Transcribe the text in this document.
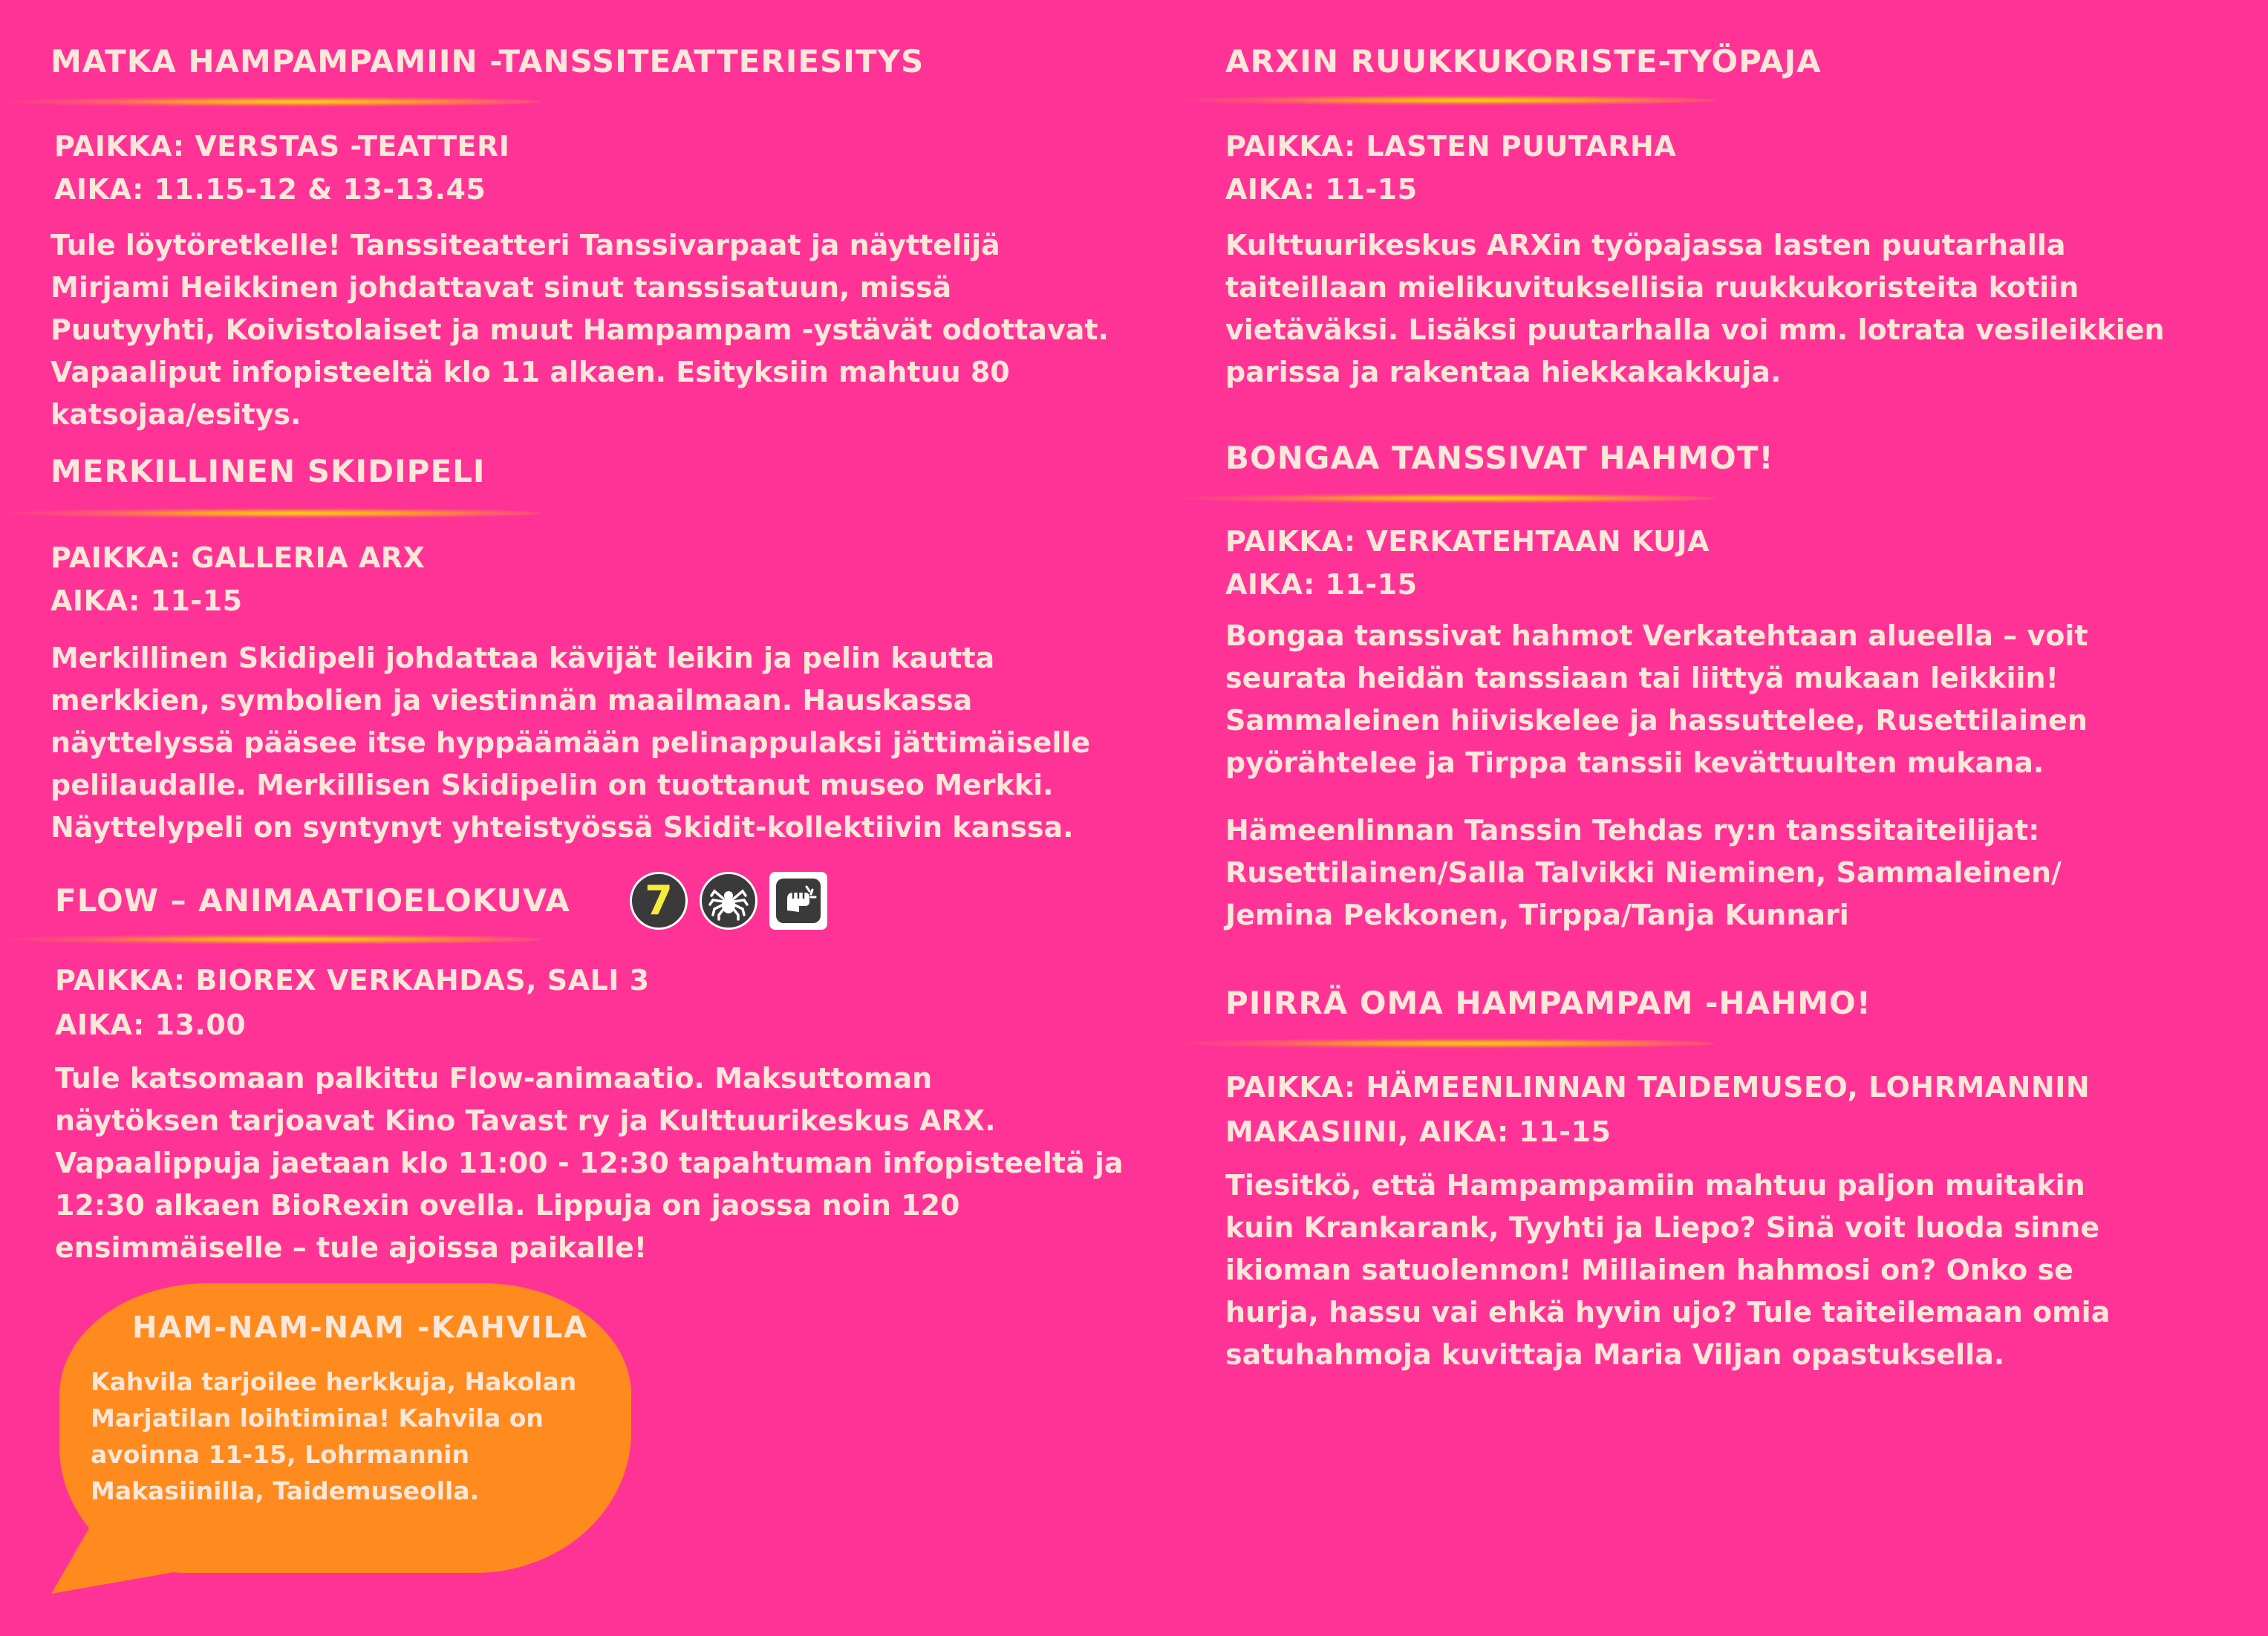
MATKA HAMPAMPAMIIN -TANSSITEATTERIESITYS

PAIKKA: VERSTAS -TEATTERI

AIKA: 11.15-12 & 13-13.45

Tule löytöretkelle! Tanssiteatteri Tanssivarpaat ja näyttelijä

Mirjami Heikkinen johdattavat sinut tanssisatuun, missä

Puutyyhti, Koivistolaiset ja muut Hampampam -ystävät odottavat.

Vapaaliput infopisteeltä klo 11 alkaen. Esityksiin mahtuu 80

katsojaa/esitys.

MERKILLINEN SKIDIPELI

PAIKKA: GALLERIA ARX

AIKA: 11-15

Merkillinen Skidipeli johdattaa kävijät leikin ja pelin kautta

merkkien, symbolien ja viestinnän maailmaan. Hauskassa

näyttelyssä pääsee itse hyppäämään pelinappulaksi jättimäiselle

pelilaudalle. Merkillisen Skidipelin on tuottanut museo Merkki.

Näyttelypeli on syntynyt yhteistyössä Skidit-kollektiivin kanssa.

FLOW – ANIMAATIOELOKUVA	7

PAIKKA: BIOREX VERKAHDAS, SALI 3

AIKA: 13.00

Tule katsomaan palkittu Flow-animaatio. Maksuttoman

näytöksen tarjoavat Kino Tavast ry ja Kulttuurikeskus ARX.

Vapaalippuja jaetaan klo 11:00 - 12:30 tapahtuman infopisteeltä ja

12:30 alkaen BioRexin ovella. Lippuja on jaossa noin 120

ensimmäiselle – tule ajoissa paikalle!

HAM-NAM-NAM -KAHVILA

Kahvila tarjoilee herkkuja, Hakolan

Marjatilan loihtimina! Kahvila on

avoinna 11-15, Lohrmannin

Makasiinilla, Taidemuseolla.

ARXIN RUUKKUKORISTE-TYÖPAJA

PAIKKA: LASTEN PUUTARHA

AIKA: 11-15

Kulttuurikeskus ARXin työpajassa lasten puutarhalla

taiteillaan mielikuvituksellisia ruukkukoristeita kotiin

vietäväksi. Lisäksi puutarhalla voi mm. lotrata vesileikkien

parissa ja rakentaa hiekkakakkuja.

BONGAA TANSSIVAT HAHMOT!

PAIKKA: VERKATEHTAAN KUJA

AIKA: 11-15

Bongaa tanssivat hahmot Verkatehtaan alueella – voit

seurata heidän tanssiaan tai liittyä mukaan leikkiin!

Sammaleinen hiiviskelee ja hassuttelee, Rusettilainen

pyörähtelee ja Tirppa tanssii kevättuulten mukana.

Hämeenlinnan Tanssin Tehdas ry:n tanssitaiteilijat:

Rusettilainen/Salla Talvikki Nieminen, Sammaleinen/

Jemina Pekkonen, Tirppa/Tanja Kunnari

PIIRRÄ OMA HAMPAMPAM -HAHMO!

PAIKKA: HÄMEENLINNAN TAIDEMUSEO, LOHRMANNIN

MAKASIINI, AIKA: 11-15

Tiesitkö, että Hampampamiin mahtuu paljon muitakin

kuin Krankarank, Tyyhti ja Liepo? Sinä voit luoda sinne

ikioman satuolennon! Millainen hahmosi on? Onko se

hurja, hassu vai ehkä hyvin ujo? Tule taiteilemaan omia

satuhahmoja kuvittaja Maria Viljan opastuksella.
